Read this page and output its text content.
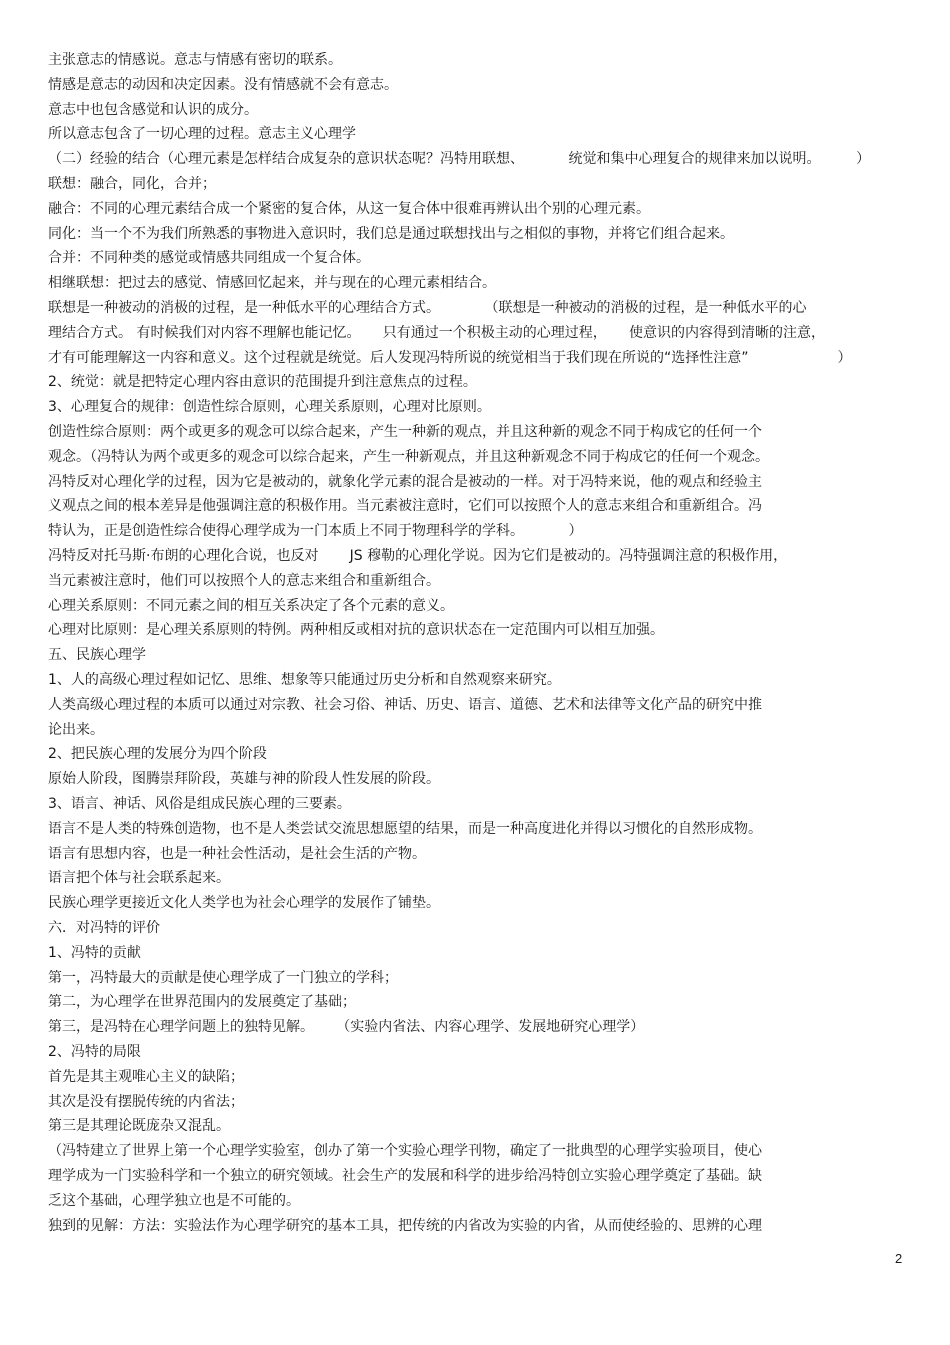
主张意志的情感说。意志与情感有密切的联系。
情感是意志的动因和决定因素。没有情感就不会有意志。
意志中也包含感觉和认识的成分。
所以意志包含了一切心理的过程。意志主义心理学
（二）经验的结合（心理元素是怎样结合成复杂的意识状态呢？冯特用联想、          统觉和集中心理复合的规律来加以说明。        ）
联想：融合，同化，合并；
融合：不同的心理元素结合成一个紧密的复合体，从这一复合体中很难再辨认出个别的心理元素。
同化：当一个不为我们所熟悉的事物进入意识时，我们总是通过联想找出与之相似的事物，并将它们组合起来。
合并：不同种类的感觉或情感共同组成一个复合体。
相继联想：把过去的感觉、情感回忆起来，并与现在的心理元素相结合。
联想是一种被动的消极的过程，是一种低水平的心理结合方式。          （联想是一种被动的消极的过程，是一种低水平的心
理结合方式。 有时候我们对内容不理解也能记忆。     只有通过一个积极主动的心理过程，     使意识的内容得到清晰的注意，
才有可能理解这一内容和意义。这个过程就是统觉。后人发现冯特所说的统觉相当于我们现在所说的“选择性注意”                    ）
2、统觉：就是把特定心理内容由意识的范围提升到注意焦点的过程。
3、心理复合的规律：创造性综合原则，心理关系原则，心理对比原则。
创造性综合原则：两个或更多的观念可以综合起来，产生一种新的观点，并且这种新的观念不同于构成它的任何一个
观念。（冯特认为两个或更多的观念可以综合起来，产生一种新观点，并且这种新观念不同于构成它的任何一个观念。
冯特反对心理化学的过程，因为它是被动的，就象化学元素的混合是被动的一样。对于冯特来说，他的观点和经验主
义观点之间的根本差异是他强调注意的积极作用。当元素被注意时，它们可以按照个人的意志来组合和重新组合。冯
特认为，正是创造性综合使得心理学成为一门本质上不同于物理科学的学科。          ）
冯特反对托马斯·布朗的心理化合说，也反对       JS 穆勒的心理化学说。因为它们是被动的。冯特强调注意的积极作用，
当元素被注意时，他们可以按照个人的意志来组合和重新组合。
心理关系原则：不同元素之间的相互关系决定了各个元素的意义。
心理对比原则：是心理关系原则的特例。两种相反或相对抗的意识状态在一定范围内可以相互加强。
五、民族心理学
1、人的高级心理过程如记忆、思维、想象等只能通过历史分析和自然观察来研究。
人类高级心理过程的本质可以通过对宗教、社会习俗、神话、历史、语言、道德、艺术和法律等文化产品的研究中推
论出来。
2、把民族心理的发展分为四个阶段
原始人阶段，图腾崇拜阶段，英雄与神的阶段人性发展的阶段。
3、语言、神话、风俗是组成民族心理的三要素。
语言不是人类的特殊创造物，也不是人类尝试交流思想愿望的结果，而是一种高度进化并得以习惯化的自然形成物。
语言有思想内容，也是一种社会性活动，是社会生活的产物。
语言把个体与社会联系起来。
民族心理学更接近文化人类学也为社会心理学的发展作了铺垫。
六．对冯特的评价
1、冯特的贡献
第一，冯特最大的贡献是使心理学成了一门独立的学科；
第二，为心理学在世界范围内的发展奠定了基础；
第三，是冯特在心理学问题上的独特见解。     （实验内省法、内容心理学、发展地研究心理学）
2、冯特的局限
首先是其主观唯心主义的缺陷；
其次是没有摆脱传统的内省法；
第三是其理论既庞杂又混乱。
（冯特建立了世界上第一个心理学实验室，创办了第一个实验心理学刊物，确定了一批典型的心理学实验项目，使心
理学成为一门实验科学和一个独立的研究领域。社会生产的发展和科学的进步给冯特创立实验心理学奠定了基础。缺
乏这个基础，心理学独立也是不可能的。
独到的见解：方法：实验法作为心理学研究的基本工具，把传统的内省改为实验的内省，从而使经验的、思辨的心理
2
